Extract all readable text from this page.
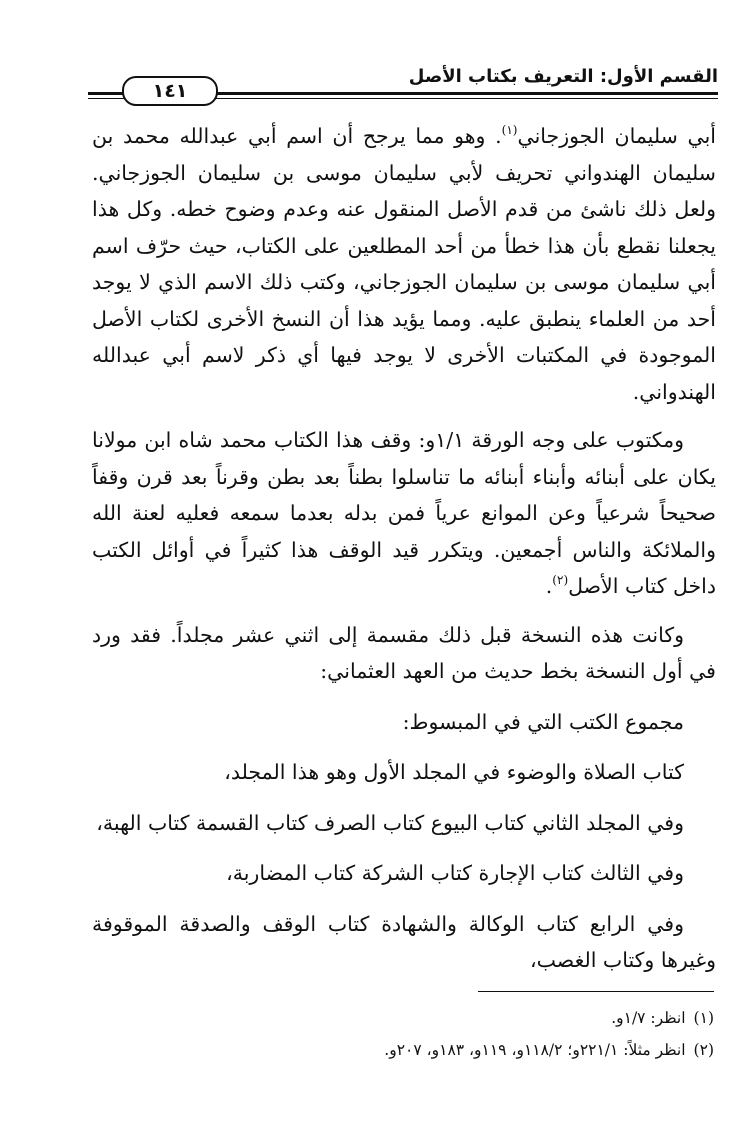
القسم الأول: التعريف بكتاب الأصل
١٤١

أبي سليمان الجوزجاني$^{(١)}$. وهو مما يرجح أن اسم أبي عبدالله محمد بن سليمان الهندواني تحريف لأبي سليمان موسى بن سليمان الجوزجاني. ولعل ذلك ناشئ من قدم الأصل المنقول عنه وعدم وضوح خطه. وكل هذا يجعلنا نقطع بأن هذا خطأ من أحد المطلعين على الكتاب، حيث حرّف اسم أبي سليمان موسى بن سليمان الجوزجاني، وكتب ذلك الاسم الذي لا يوجد أحد من العلماء ينطبق عليه. ومما يؤيد هذا أن النسخ الأخرى لكتاب الأصل الموجودة في المكتبات الأخرى لا يوجد فيها أي ذكر لاسم أبي عبدالله الهندواني.

ومكتوب على وجه الورقة ١/١و: وقف هذا الكتاب محمد شاه ابن مولانا يكان على أبنائه وأبناء أبنائه ما تناسلوا بطناً بعد بطن وقرناً بعد قرن وقفاً صحيحاً شرعياً وعن الموانع عرياً فمن بدله بعدما سمعه فعليه لعنة الله والملائكة والناس أجمعين. ويتكرر قيد الوقف هذا كثيراً في أوائل الكتب داخل كتاب الأصل$^{(٢)}$.

وكانت هذه النسخة قبل ذلك مقسمة إلى اثني عشر مجلداً. فقد ورد في أول النسخة بخط حديث من العهد العثماني:

مجموع الكتب التي في المبسوط:

كتاب الصلاة والوضوء في المجلد الأول وهو هذا المجلد،

وفي المجلد الثاني كتاب البيوع كتاب الصرف كتاب القسمة كتاب الهبة،

وفي الثالث كتاب الإجارة كتاب الشركة كتاب المضاربة،

وفي الرابع كتاب الوكالة والشهادة كتاب الوقف والصدقة الموقوفة وغيرها وكتاب الغصب،

(١)انظر: ١/٧و.

(٢)انظر مثلاً: ٢٢١/١و؛ ١١٨/٢و، ١١٩و، ١٨٣و، ٢٠٧و.
